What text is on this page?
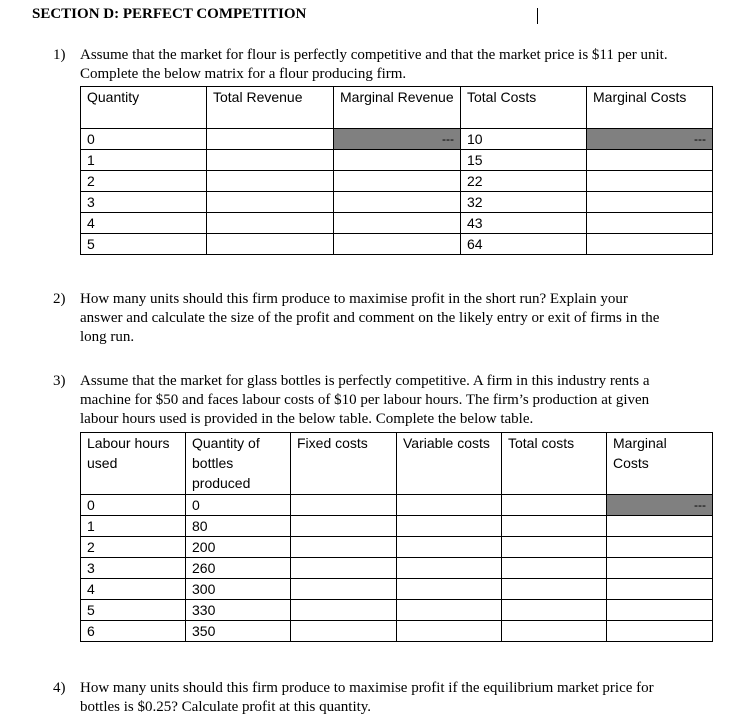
SECTION D: PERFECT COMPETITION
1) Assume that the market for flour is perfectly competitive and that the market price is $11 per unit.
Complete the below matrix for a flour producing firm.
Quantity	Total Revenue	Marginal Revenue	Total Costs	Marginal Costs
0		---	10	---
1			15	
2			22	
3			32	
4			43	
5			64	
2) How many units should this firm produce to maximise profit in the short run? Explain your
answer and calculate the size of the profit and comment on the likely entry or exit of firms in the
long run.
3) Assume that the market for glass bottles is perfectly competitive. A firm in this industry rents a
machine for $50 and faces labour costs of $10 per labour hours. The firm’s production at given
labour hours used is provided in the below table. Complete the below table.
Labour hours used	Quantity of bottles produced	Fixed costs	Variable costs	Total costs	Marginal Costs
0	0				---
1	80				
2	200				
3	260				
4	300				
5	330				
6	350				
4) How many units should this firm produce to maximise profit if the equilibrium market price for
bottles is $0.25? Calculate profit at this quantity.
